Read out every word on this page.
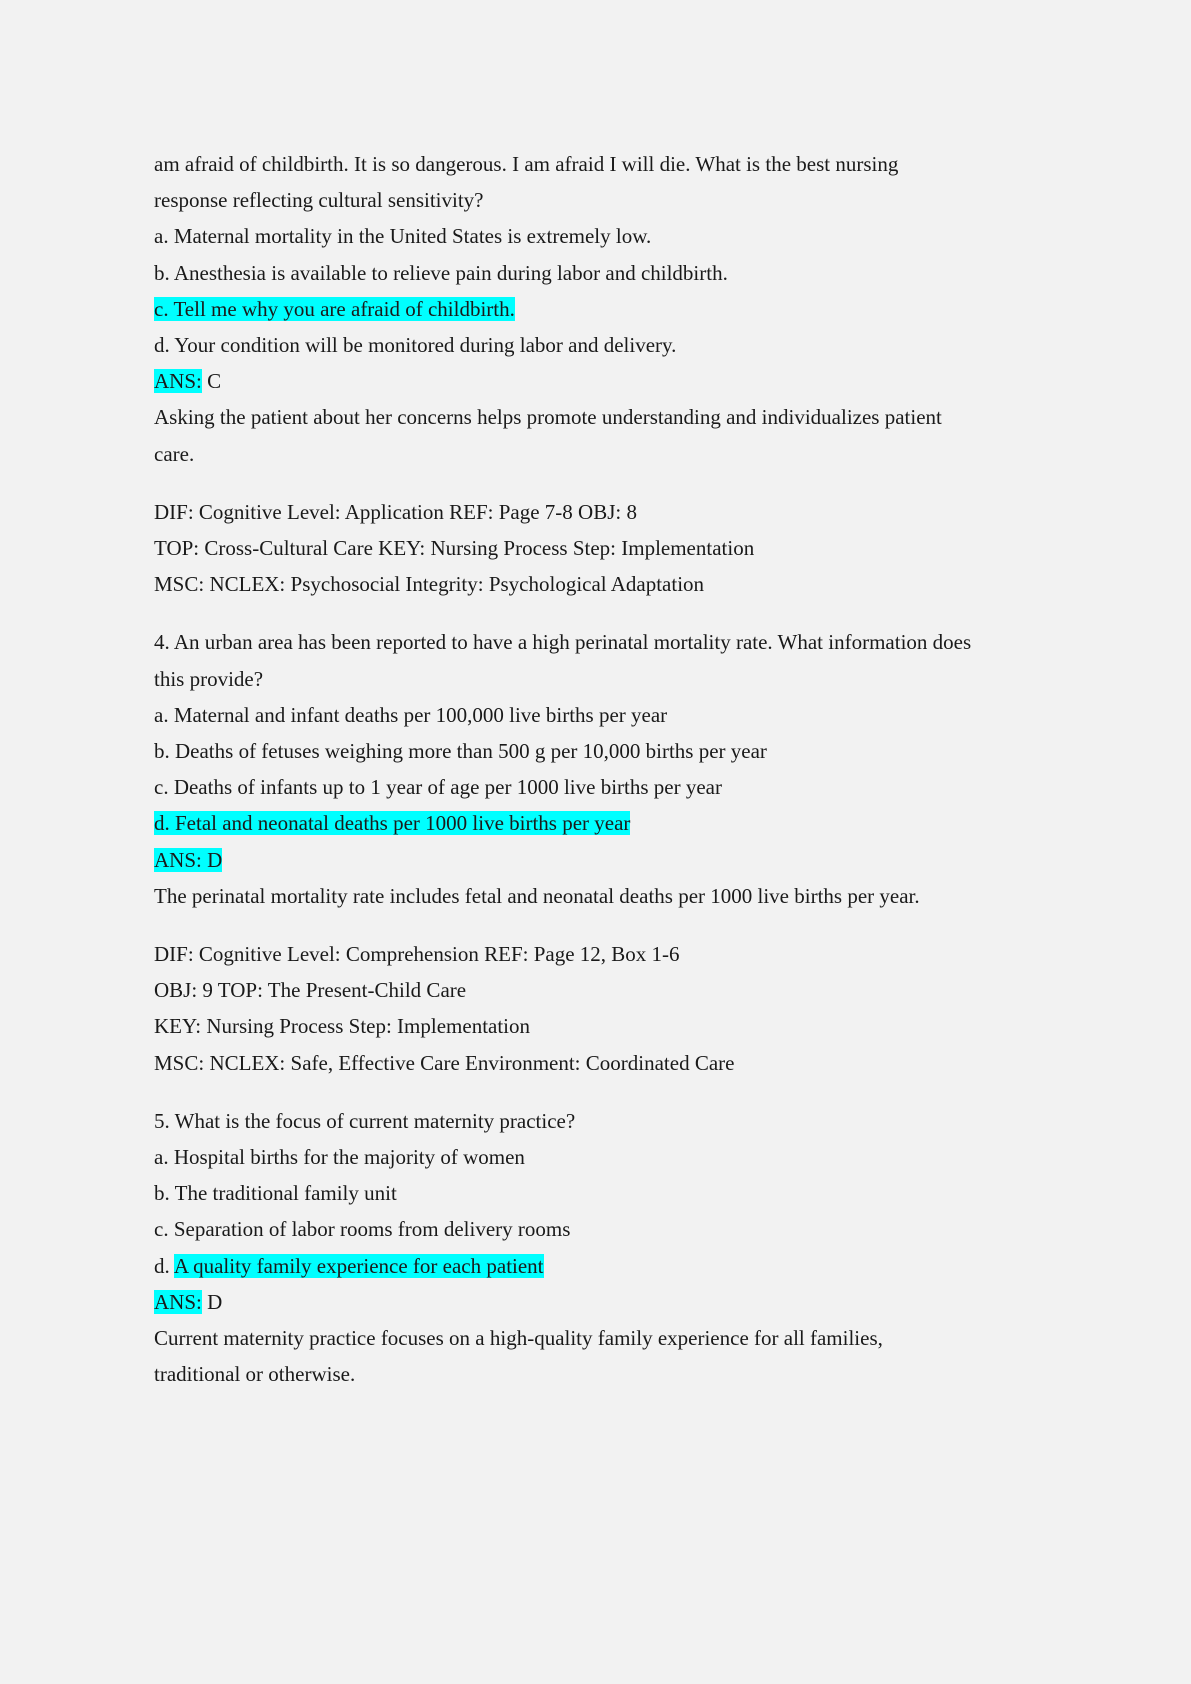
am afraid of childbirth. It is so dangerous. I am afraid I will die. What is the best nursing
response reflecting cultural sensitivity?
a. Maternal mortality in the United States is extremely low.
b. Anesthesia is available to relieve pain during labor and childbirth.
c. Tell me why you are afraid of childbirth.
d. Your condition will be monitored during labor and delivery.
ANS: C
Asking the patient about her concerns helps promote understanding and individualizes patient
care.
DIF: Cognitive Level: Application REF: Page 7-8 OBJ: 8
TOP: Cross-Cultural Care KEY: Nursing Process Step: Implementation
MSC: NCLEX: Psychosocial Integrity: Psychological Adaptation
4. An urban area has been reported to have a high perinatal mortality rate. What information does
this provide?
a. Maternal and infant deaths per 100,000 live births per year
b. Deaths of fetuses weighing more than 500 g per 10,000 births per year
c. Deaths of infants up to 1 year of age per 1000 live births per year
d. Fetal and neonatal deaths per 1000 live births per year
ANS: D
The perinatal mortality rate includes fetal and neonatal deaths per 1000 live births per year.
DIF: Cognitive Level: Comprehension REF: Page 12, Box 1-6
OBJ: 9 TOP: The Present-Child Care
KEY: Nursing Process Step: Implementation
MSC: NCLEX: Safe, Effective Care Environment: Coordinated Care
5. What is the focus of current maternity practice?
a. Hospital births for the majority of women
b. The traditional family unit
c. Separation of labor rooms from delivery rooms
d. A quality family experience for each patient
ANS: D
Current maternity practice focuses on a high-quality family experience for all families,
traditional or otherwise.
